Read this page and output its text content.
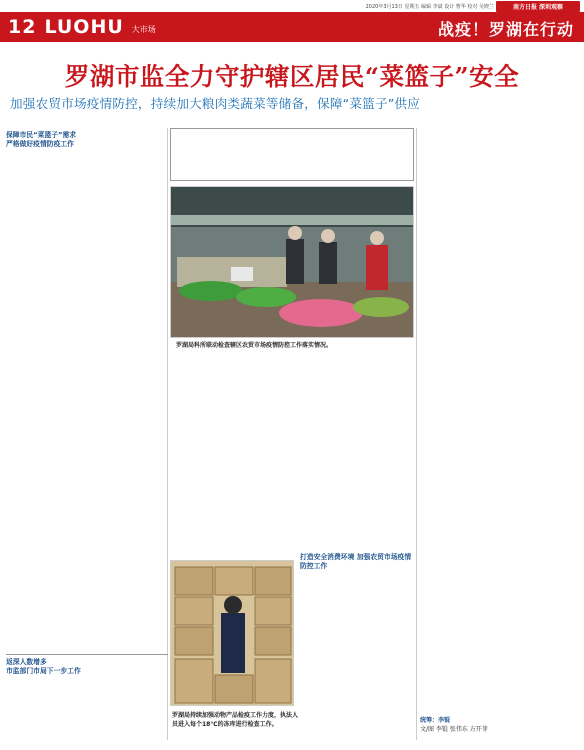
2020年3月13日 星期五 编辑 李斌 设计 曹华 校对 吴晓兰	南方日报 深圳观察
12 LUOHU	大市场	战疫！罗湖在行动
罗湖市监全力守护辖区居民“菜篮子”安全
加强农贸市场疫情防控，持续加大粮肉类蔬菜等储备，保障“菜篮子”供应
保障市民“菜篮子”需求
严格做好疫情防疫工作
返深人数增多
市监部门市局下一步工作
罗湖局科所联动检查辖区农贸市场疫情防控工作落实情况。
罗湖局持续加强动物产品检疫工作力度，执法人员进入每个18℃的冻库进行检查工作。
打造安全消费环境 加强农贸市场疫情防控工作
统筹：李锟
文/图 李锟 张伟东 方开菲
